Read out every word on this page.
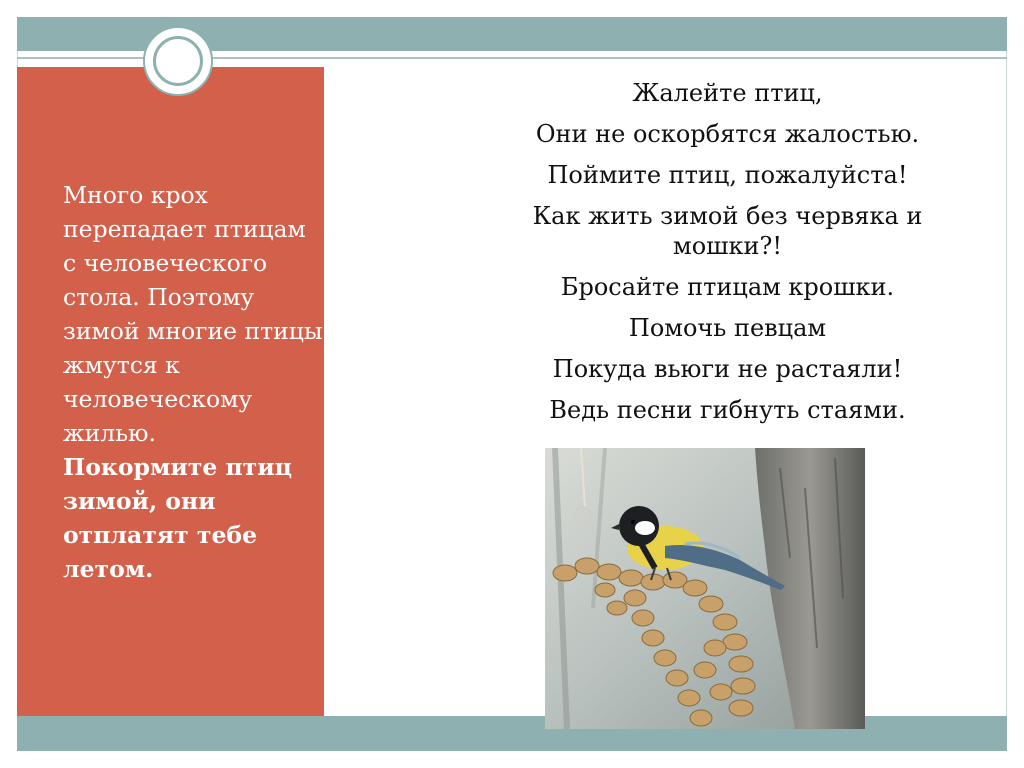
Много крох перепадает птицам с человеческого стола. Поэтому зимой многие птицы жмутся к человеческому жилью.
Покормите птиц зимой, они отплатят тебе летом.
Жалейте птиц,
Они не оскорбятся жалостью.
Поймите птиц, пожалуйста!
Как жить зимой без червяка и мошки?!
Бросайте птицам крошки.
Помочь певцам
Покуда вьюги не растаяли!
Ведь песни гибнуть стаями.
